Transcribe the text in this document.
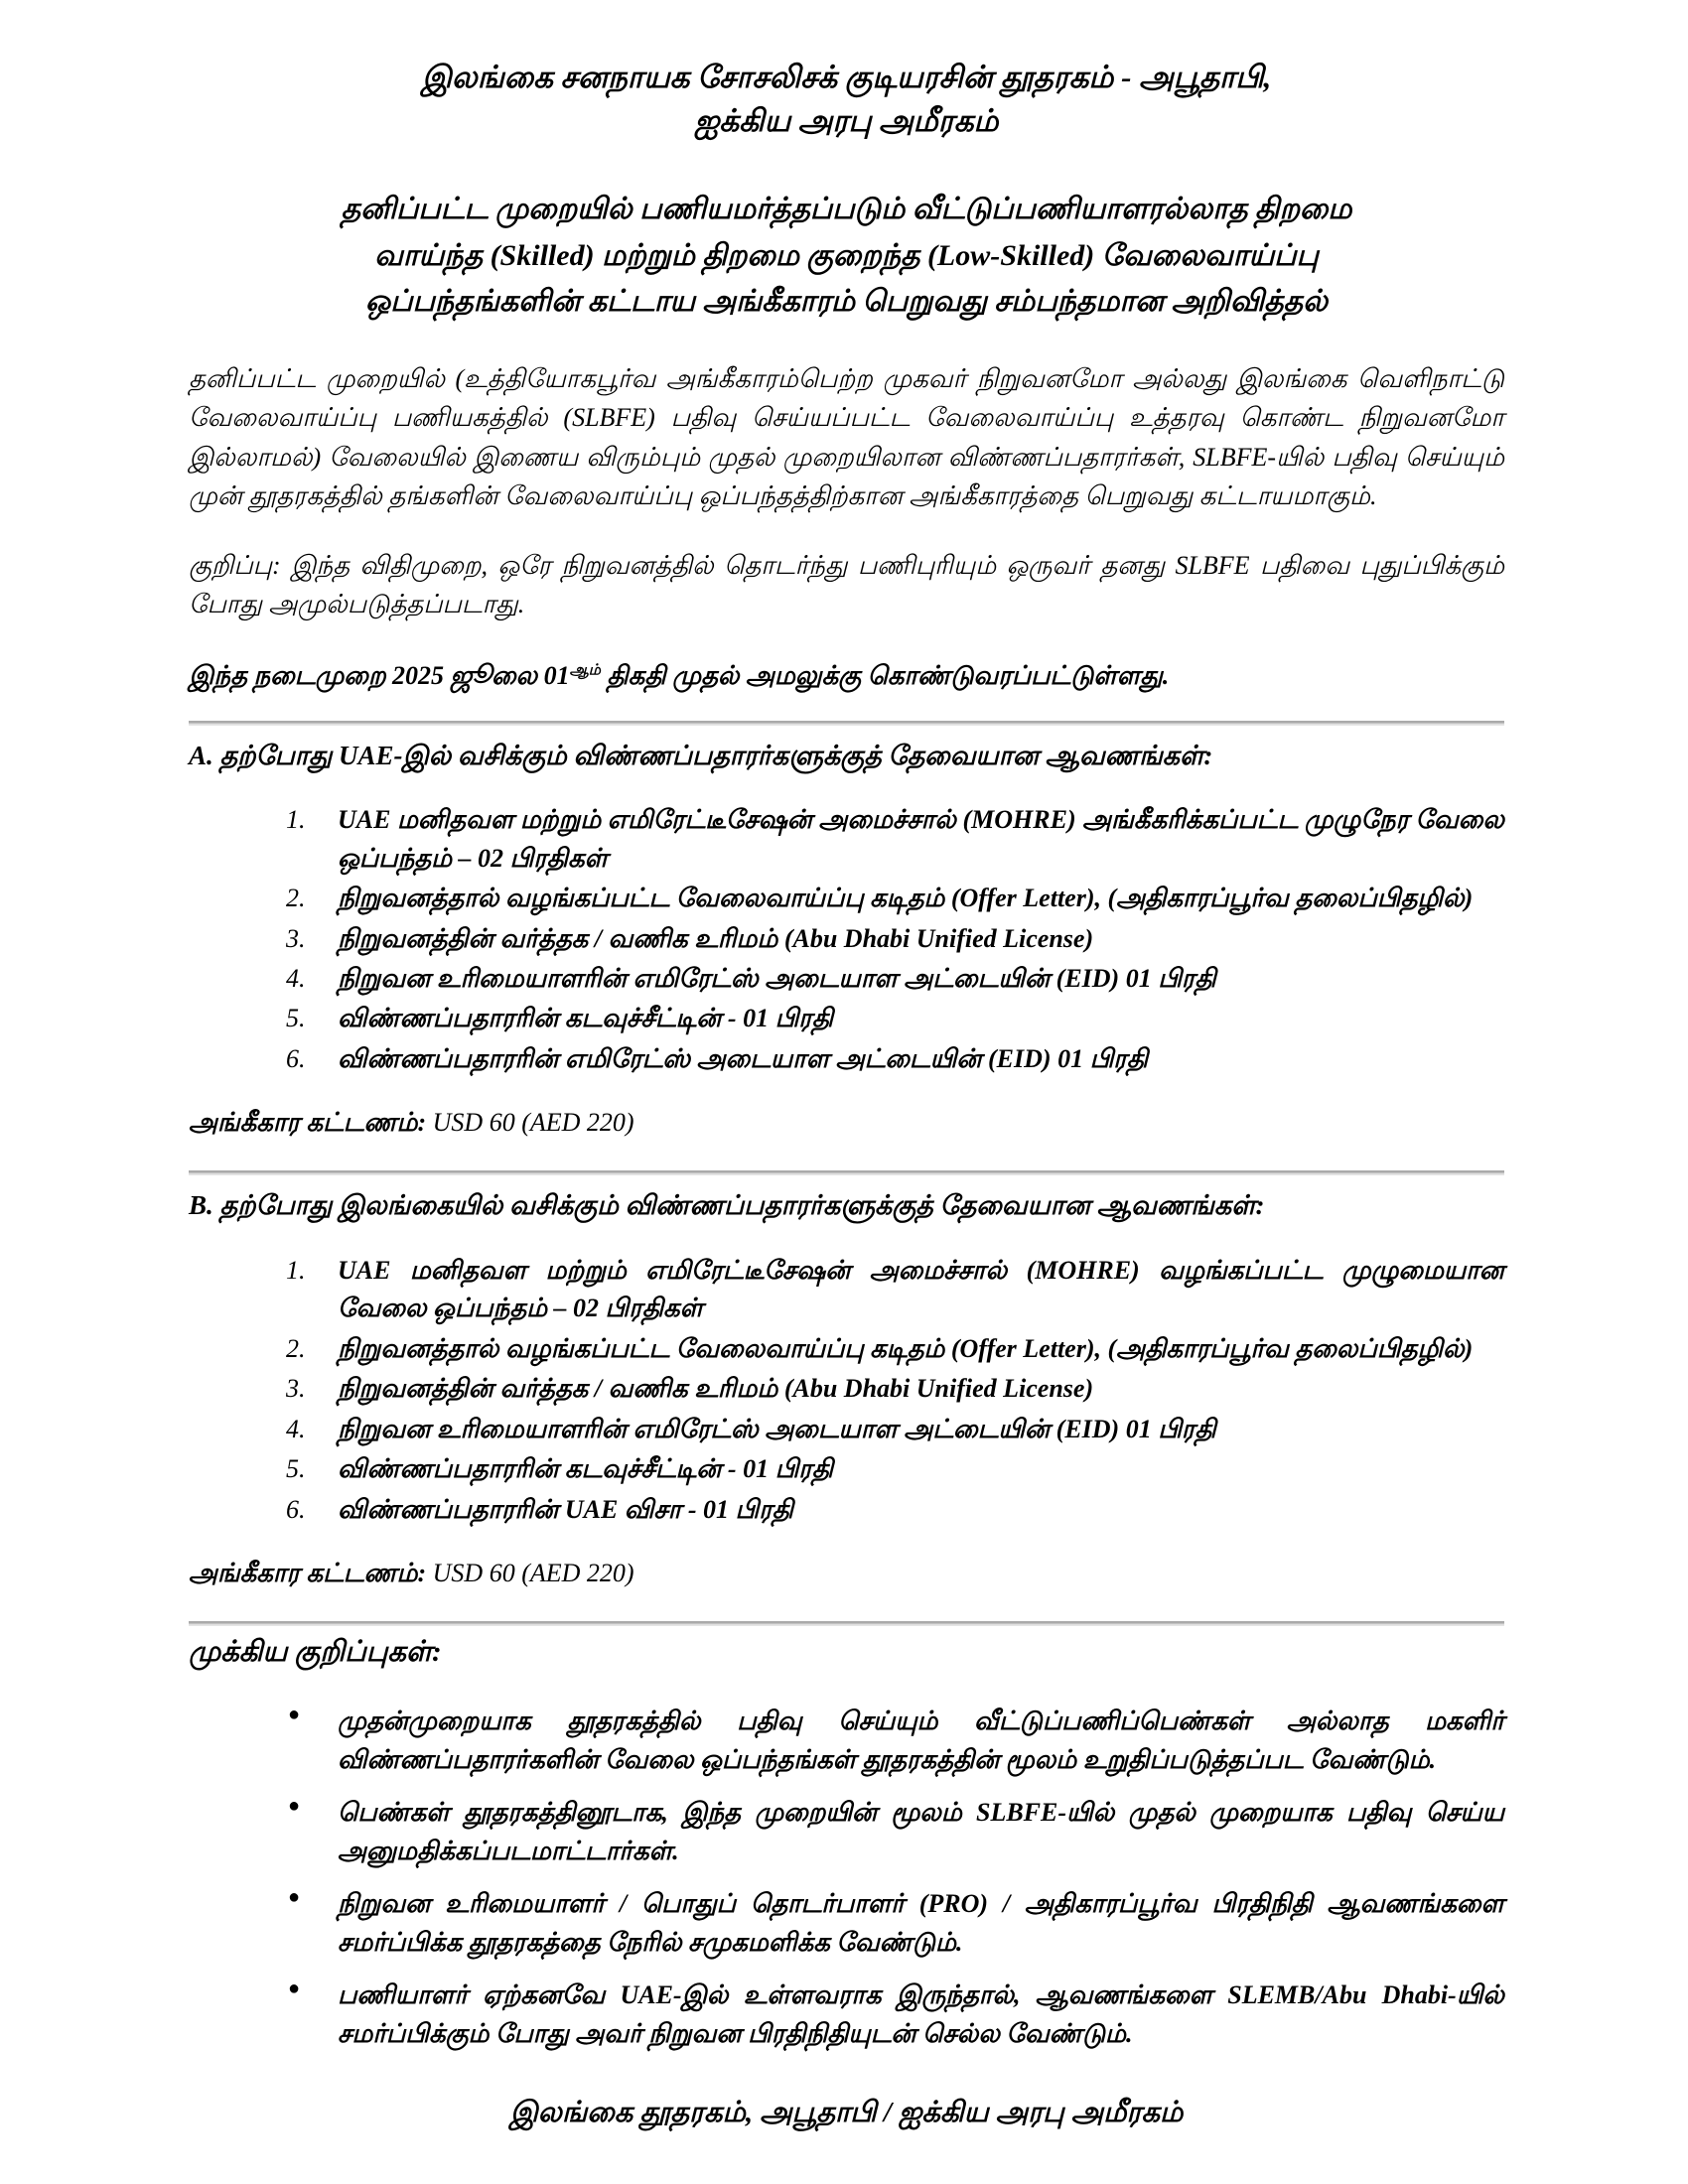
இலங்கை சனநாயக சோசலிசக் குடியரசின் தூதரகம் - அபூதாபி,
ஐக்கிய அரபு அமீரகம்
தனிப்பட்ட முறையில் பணியமர்த்தப்படும் வீட்டுப்பணியாளரல்லாத திறமை
வாய்ந்த (Skilled) மற்றும் திறமை குறைந்த (Low-Skilled) வேலைவாய்ப்பு
ஒப்பந்தங்களின் கட்டாய அங்கீகாரம் பெறுவது சம்பந்தமான அறிவித்தல்

தனிப்பட்ட முறையில் (உத்தியோகபூர்வ அங்கீகாரம்பெற்ற முகவர் நிறுவனமோ அல்லது இலங்கை வெளிநாட்டு வேலைவாய்ப்பு பணியகத்தில் (SLBFE) பதிவு செய்யப்பட்ட வேலைவாய்ப்பு உத்தரவு கொண்ட நிறுவனமோ இல்லாமல்) வேலையில் இணைய விரும்பும் முதல் முறையிலான விண்ணப்பதாரர்கள், SLBFE-யில் பதிவு செய்யும் முன் தூதரகத்தில் தங்களின் வேலைவாய்ப்பு ஒப்பந்தத்திற்கான அங்கீகாரத்தை பெறுவது கட்டாயமாகும்.

குறிப்பு: இந்த விதிமுறை, ஒரே நிறுவனத்தில் தொடர்ந்து பணிபுரியும் ஒருவர் தனது SLBFE பதிவை புதுப்பிக்கும் போது அமுல்படுத்தப்படாது.

இந்த நடைமுறை 2025 ஜூலை $01^{ஆம்}$ திகதி முதல் அமலுக்கு கொண்டுவரப்பட்டுள்ளது.

A. தற்போது UAE-இல் வசிக்கும் விண்ணப்பதாரர்களுக்குத் தேவையான ஆவணங்கள்:
UAE மனிதவள மற்றும் எமிரேட்டீசேஷன் அமைச்சால் (MOHRE) அங்கீகரிக்கப்பட்ட முழுநேர வேலை ஒப்பந்தம் – 02 பிரதிகள்
நிறுவனத்தால் வழங்கப்பட்ட வேலைவாய்ப்பு கடிதம் (Offer Letter), (அதிகாரப்பூர்வ தலைப்பிதழில்)
நிறுவனத்தின் வர்த்தக / வணிக உரிமம் (Abu Dhabi Unified License)
நிறுவன உரிமையாளரின் எமிரேட்ஸ் அடையாள அட்டையின் (EID) 01 பிரதி
விண்ணப்பதாரரின் கடவுச்சீட்டின் - 01 பிரதி
விண்ணப்பதாரரின் எமிரேட்ஸ் அடையாள அட்டையின் (EID) 01 பிரதி

அங்கீகார கட்டணம்: USD 60 (AED 220)

B. தற்போது இலங்கையில் வசிக்கும் விண்ணப்பதாரர்களுக்குத் தேவையான ஆவணங்கள்:
UAE மனிதவள மற்றும் எமிரேட்டீசேஷன் அமைச்சால் (MOHRE) வழங்கப்பட்ட முழுமையான வேலை ஒப்பந்தம் – 02 பிரதிகள்
நிறுவனத்தால் வழங்கப்பட்ட வேலைவாய்ப்பு கடிதம் (Offer Letter), (அதிகாரப்பூர்வ தலைப்பிதழில்)
நிறுவனத்தின் வர்த்தக / வணிக உரிமம் (Abu Dhabi Unified License)
நிறுவன உரிமையாளரின் எமிரேட்ஸ் அடையாள அட்டையின் (EID) 01 பிரதி
விண்ணப்பதாரரின் கடவுச்சீட்டின் - 01 பிரதி
விண்ணப்பதாரரின் UAE விசா - 01 பிரதி

அங்கீகார கட்டணம்: USD 60 (AED 220)

முக்கிய குறிப்புகள்:
● முதன்முறையாக தூதரகத்தில் பதிவு செய்யும் வீட்டுப்பணிப்பெண்கள் அல்லாத மகளிர் விண்ணப்பதாரர்களின் வேலை ஒப்பந்தங்கள் தூதரகத்தின் மூலம் உறுதிப்படுத்தப்பட வேண்டும்.
● பெண்கள் தூதரகத்தினூடாக, இந்த முறையின் மூலம் SLBFE-யில் முதல் முறையாக பதிவு செய்ய அனுமதிக்கப்படமாட்டார்கள்.
● நிறுவன உரிமையாளர் / பொதுப் தொடர்பாளர் (PRO) / அதிகாரப்பூர்வ பிரதிநிதி ஆவணங்களை சமர்ப்பிக்க தூதரகத்தை நேரில் சமுகமளிக்க வேண்டும்.
● பணியாளர் ஏற்கனவே UAE-இல் உள்ளவராக இருந்தால், ஆவணங்களை SLEMB/Abu Dhabi-யில் சமர்ப்பிக்கும் போது அவர் நிறுவன பிரதிநிதியுடன் செல்ல வேண்டும்.
இலங்கை தூதரகம், அபூதாபி / ஐக்கிய அரபு அமீரகம்
